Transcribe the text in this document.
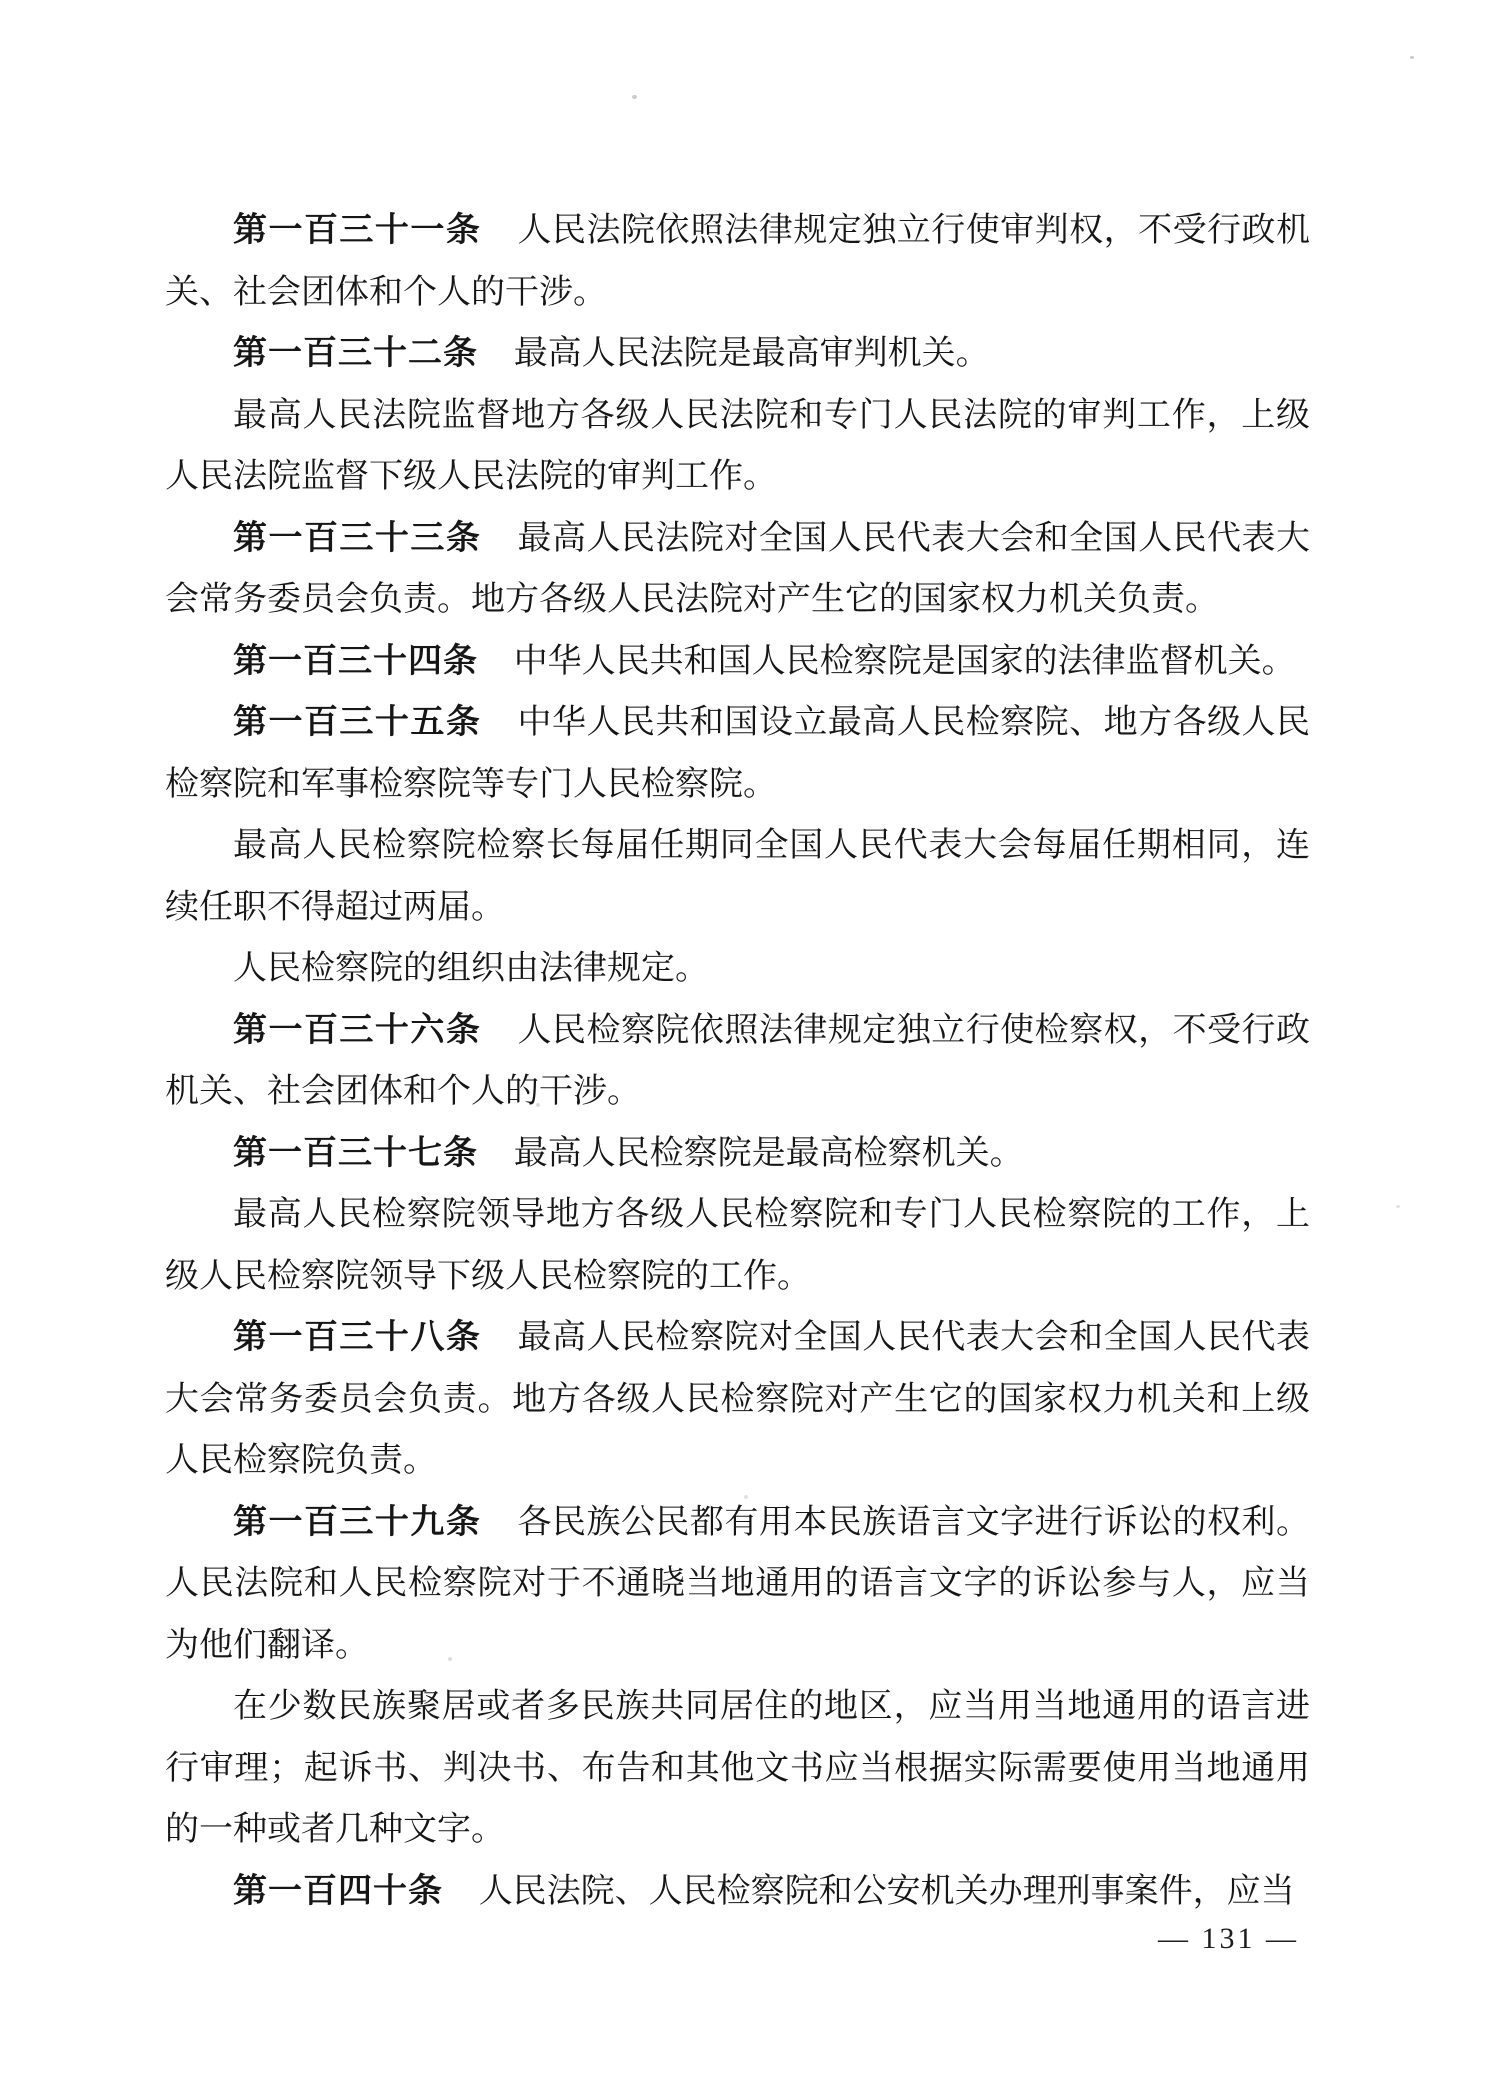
第一百三十一条 人民法院依照法律规定独立行使审判权，不受行政机关、社会团体和个人的干涉。

第一百三十二条 最高人民法院是最高审判机关。

最高人民法院监督地方各级人民法院和专门人民法院的审判工作，上级人民法院监督下级人民法院的审判工作。

第一百三十三条 最高人民法院对全国人民代表大会和全国人民代表大会常务委员会负责。地方各级人民法院对产生它的国家权力机关负责。

第一百三十四条 中华人民共和国人民检察院是国家的法律监督机关。

第一百三十五条 中华人民共和国设立最高人民检察院、地方各级人民检察院和军事检察院等专门人民检察院。

最高人民检察院检察长每届任期同全国人民代表大会每届任期相同，连续任职不得超过两届。

人民检察院的组织由法律规定。

第一百三十六条 人民检察院依照法律规定独立行使检察权，不受行政机关、社会团体和个人的干涉。

第一百三十七条 最高人民检察院是最高检察机关。

最高人民检察院领导地方各级人民检察院和专门人民检察院的工作，上级人民检察院领导下级人民检察院的工作。

第一百三十八条 最高人民检察院对全国人民代表大会和全国人民代表大会常务委员会负责。地方各级人民检察院对产生它的国家权力机关和上级人民检察院负责。

第一百三十九条 各民族公民都有用本民族语言文字进行诉讼的权利。人民法院和人民检察院对于不通晓当地通用的语言文字的诉讼参与人，应当为他们翻译。

在少数民族聚居或者多民族共同居住的地区，应当用当地通用的语言进行审理；起诉书、判决书、布告和其他文书应当根据实际需要使用当地通用的一种或者几种文字。

第一百四十条 人民法院、人民检察院和公安机关办理刑事案件，应当

— 131 —
